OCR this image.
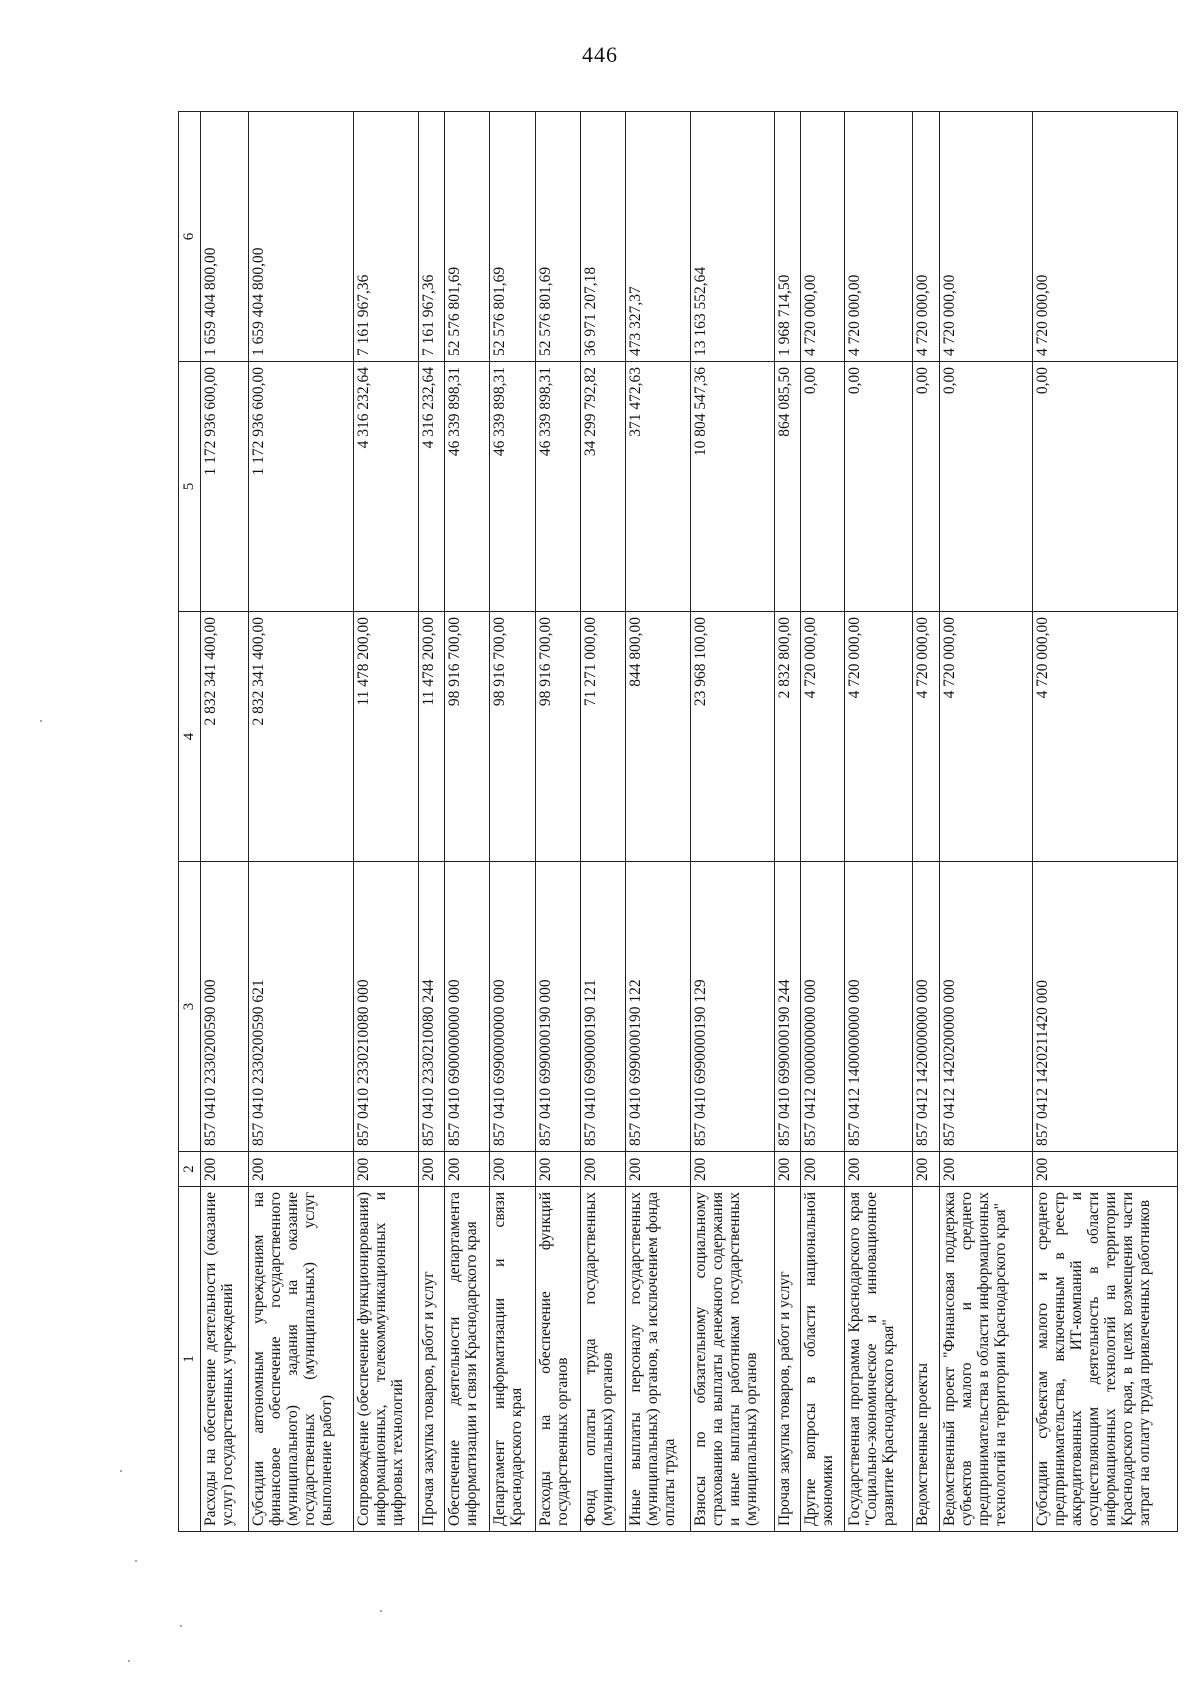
446
1	2	3	4	5	6
Расходы на обеспечение деятельности (оказание услуг) государственных учреждений	200	857 0410 2330200590 000	2 832 341 400,00	1 172 936 600,00	1 659 404 800,00
Субсидии автономным учреждениям на финансовое обеспечение государственного (муниципального) задания на оказание государственных (муниципальных) услуг (выполнение работ)	200	857 0410 2330200590 621	2 832 341 400,00	1 172 936 600,00	1 659 404 800,00
Сопровождение (обеспечение функционирования) информационных, телекоммуникационных и цифровых технологий	200	857 0410 2330210080 000	11 478 200,00	4 316 232,64	7 161 967,36
Прочая закупка товаров, работ и услуг	200	857 0410 2330210080 244	11 478 200,00	4 316 232,64	7 161 967,36
Обеспечение деятельности департамента информатизации и связи Краснодарского края	200	857 0410 6900000000 000	98 916 700,00	46 339 898,31	52 576 801,69
Департамент информатизации и связи Краснодарского края	200	857 0410 6990000000 000	98 916 700,00	46 339 898,31	52 576 801,69
Расходы на обеспечение функций государственных органов	200	857 0410 6990000190 000	98 916 700,00	46 339 898,31	52 576 801,69
Фонд оплаты труда государственных (муниципальных) органов	200	857 0410 6990000190 121	71 271 000,00	34 299 792,82	36 971 207,18
Иные выплаты персоналу государственных (муниципальных) органов, за исключением фонда оплаты труда	200	857 0410 6990000190 122	844 800,00	371 472,63	473 327,37
Взносы по обязательному социальному страхованию на выплаты денежного содержания и иные выплаты работникам государственных (муниципальных) органов	200	857 0410 6990000190 129	23 968 100,00	10 804 547,36	13 163 552,64
Прочая закупка товаров, работ и услуг	200	857 0410 6990000190 244	2 832 800,00	864 085,50	1 968 714,50
Другие вопросы в области национальной экономики	200	857 0412 0000000000 000	4 720 000,00	0,00	4 720 000,00
Государственная программа Краснодарского края "Социально-экономическое и инновационное развитие Краснодарского края"	200	857 0412 1400000000 000	4 720 000,00	0,00	4 720 000,00
Ведомственные проекты	200	857 0412 1420000000 000	4 720 000,00	0,00	4 720 000,00
Ведомственный проект "Финансовая поддержка субъектов малого и среднего предпринимательства в области информационных технологий на территории Краснодарского края"	200	857 0412 1420200000 000	4 720 000,00	0,00	4 720 000,00
Субсидии субъектам малого и среднего предпринимательства, включенным в реестр аккредитованных ИТ-компаний и осуществляющим деятельность в области информационных технологий на территории Краснодарского края, в целях возмещения части затрат на оплату труда привлеченных работников	200	857 0412 1420211420 000	4 720 000,00	0,00	4 720 000,00
